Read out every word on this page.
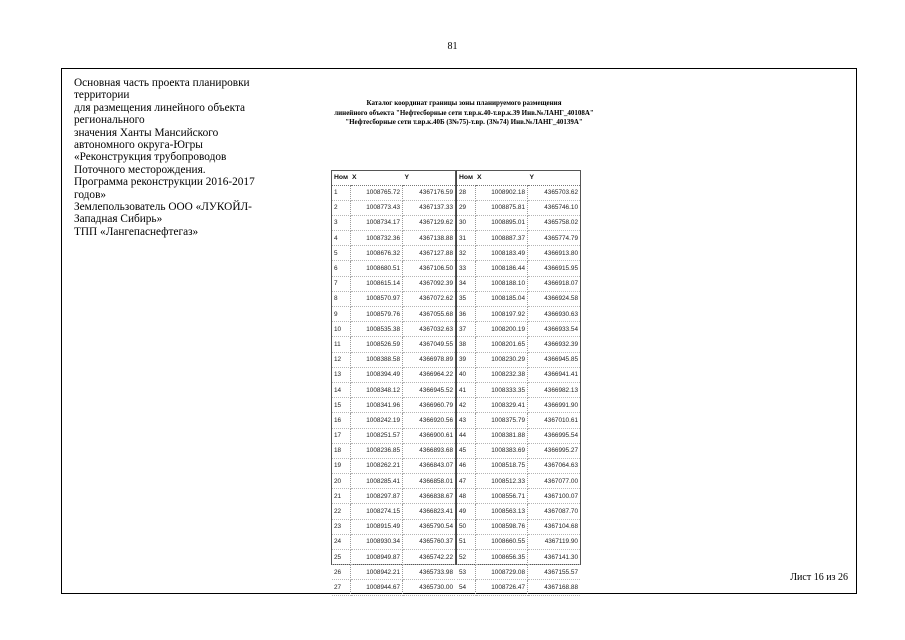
81
Основная часть проекта планировки
территории
для размещения линейного объекта
регионального
значения Ханты Мансийского
автономного округа-Югры
«Реконструкция трубопроводов
Поточного месторождения.
Программа реконструкции 2016-2017
годов»
Землепользователь ООО «ЛУКОЙЛ-
Западная Сибирь»
ТПП «Лангепаснефтегаз»
Каталог координат границы зоны планируемого размещения
линейного объекта "Нефтесборные сети т.вр.к.40-т.вр.к.39 Инв.№ЛАНГ_40108А"
"Нефтесборные сети т.вр.к.40Б (3№75)-т.вр. (3№74) Инв.№ЛАНГ_40139А"
Ном	X	Y
1	1008765.72	4367176.59
2	1008773.43	4367137.33
3	1008734.17	4367129.62
4	1008732.36	4367138.88
5	1008676.32	4367127.88
6	1008680.51	4367106.50
7	1008615.14	4367092.39
8	1008570.97	4367072.62
9	1008579.76	4367055.68
10	1008535.38	4367032.63
11	1008526.59	4367049.55
12	1008388.58	4366978.89
13	1008394.49	4366964.22
14	1008348.12	4366945.52
15	1008341.96	4366960.79
16	1008242.19	4366920.56
17	1008251.57	4366900.61
18	1008236.85	4366893.68
19	1008262.21	4366843.07
20	1008285.41	4366858.01
21	1008297.87	4366838.67
22	1008274.15	4366823.41
23	1008915.49	4365790.54
24	1008930.34	4365760.37
25	1008949.87	4365742.22
26	1008942.21	4365733.98
27	1008944.67	4365730.00
Ном	X	Y
28	1008902.18	4365703.62
29	1008875.81	4365746.10
30	1008895.01	4365758.02
31	1008887.37	4365774.79
32	1008183.49	4366913.80
33	1008186.44	4366915.95
34	1008188.10	4366918.07
35	1008185.04	4366924.58
36	1008197.92	4366930.63
37	1008200.19	4366933.54
38	1008201.65	4366932.39
39	1008230.29	4366945.85
40	1008232.38	4366941.41
41	1008333.35	4366982.13
42	1008329.41	4366991.90
43	1008375.79	4367010.61
44	1008381.88	4366995.54
45	1008383.69	4366995.27
46	1008518.75	4367064.63
47	1008512.33	4367077.00
48	1008556.71	4367100.07
49	1008563.13	4367087.70
50	1008598.76	4367104.68
51	1008660.55	4367119.90
52	1008656.35	4367141.30
53	1008729.08	4367155.57
54	1008726.47	4367168.88
Лист 16 из 26
